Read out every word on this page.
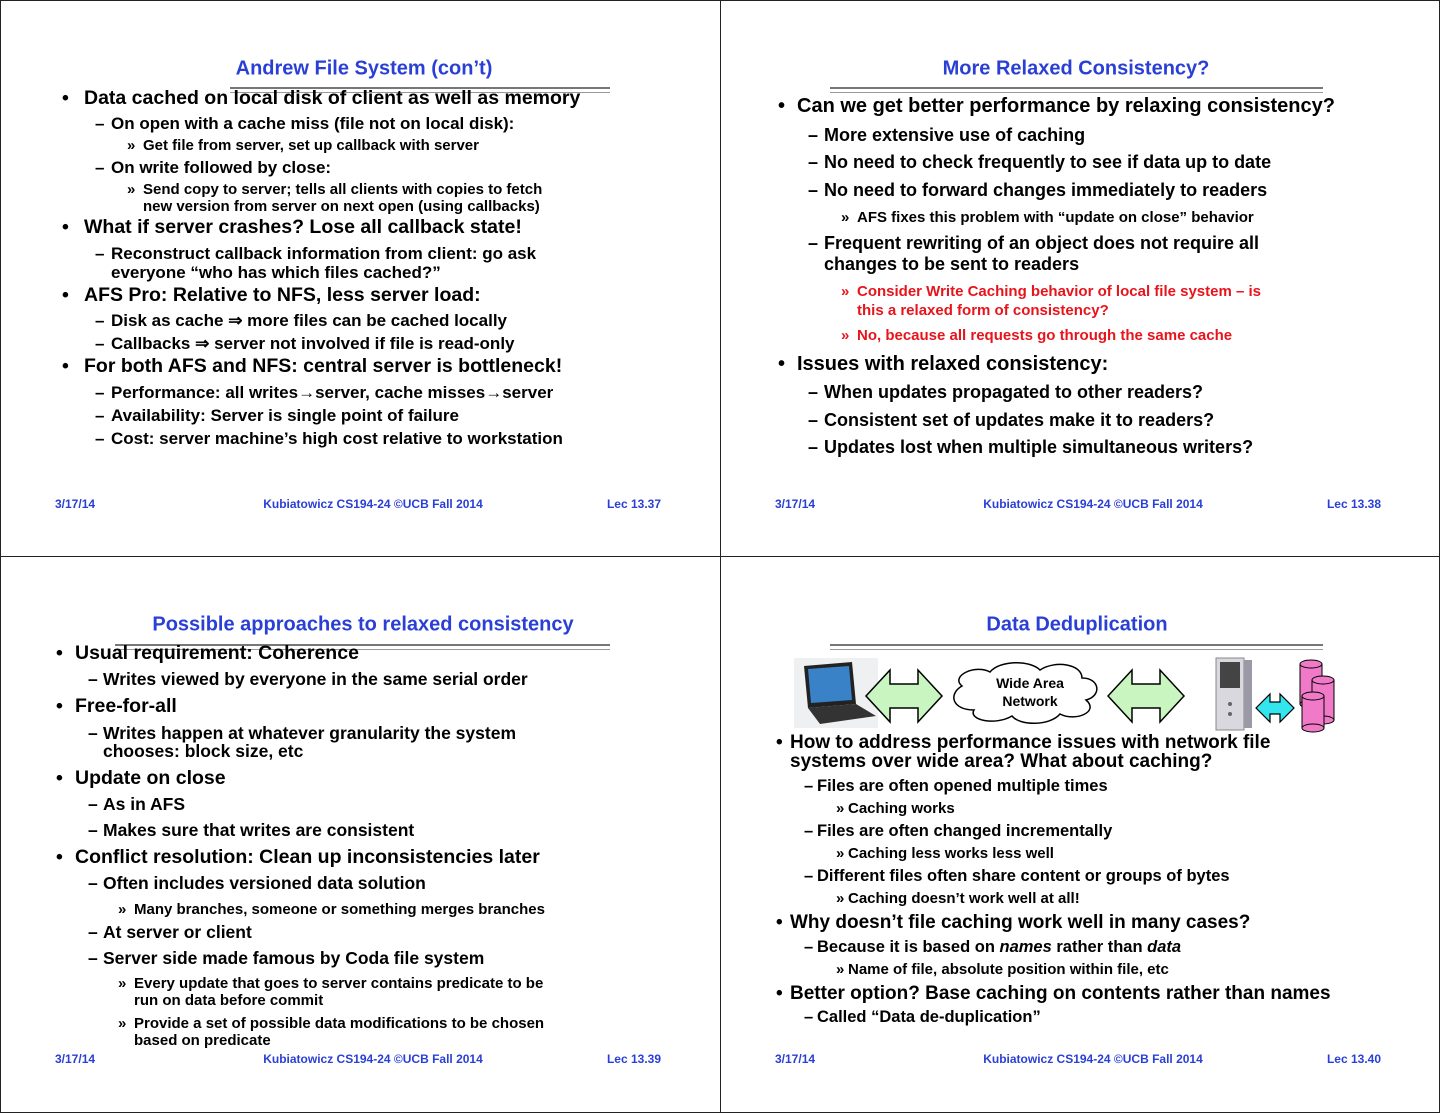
Andrew File System (con’t)
• Data cached on local disk of client as well as memory
– On open with a cache miss (file not on local disk):
» Get file from server, set up callback with server
– On write followed by close:
» Send copy to server; tells all clients with copies to fetch
new version from server on next open (using callbacks)
• What if server crashes? Lose all callback state!
– Reconstruct callback information from client: go ask
everyone “who has which files cached?”
• AFS Pro: Relative to NFS, less server load:
– Disk as cache ⇒ more files can be cached locally
– Callbacks ⇒ server not involved if file is read-only
• For both AFS and NFS: central server is bottleneck!
– Performance: all writes→server, cache misses→server
– Availability: Server is single point of failure
– Cost: server machine’s high cost relative to workstation
3/17/14	Kubiatowicz CS194-24 ©UCB Fall 2014	Lec 13.37
More Relaxed Consistency?
• Can we get better performance by relaxing consistency?
– More extensive use of caching
– No need to check frequently to see if data up to date
– No need to forward changes immediately to readers
» AFS fixes this problem with “update on close” behavior
– Frequent rewriting of an object does not require all
changes to be sent to readers
» Consider Write Caching behavior of local file system – is
this a relaxed form of consistency?
» No, because all requests go through the same cache
• Issues with relaxed consistency:
– When updates propagated to other readers?
– Consistent set of updates make it to readers?
– Updates lost when multiple simultaneous writers?
3/17/14	Kubiatowicz CS194-24 ©UCB Fall 2014	Lec 13.38
Possible approaches to relaxed consistency
• Usual requirement: Coherence
– Writes viewed by everyone in the same serial order
• Free-for-all
– Writes happen at whatever granularity the system
chooses: block size, etc
• Update on close
– As in AFS
– Makes sure that writes are consistent
• Conflict resolution: Clean up inconsistencies later
– Often includes versioned data solution
» Many branches, someone or something merges branches
– At server or client
– Server side made famous by Coda file system
» Every update that goes to server contains predicate to be
run on data before commit
» Provide a set of possible data modifications to be chosen
based on predicate
3/17/14	Kubiatowicz CS194-24 ©UCB Fall 2014	Lec 13.39
Data Deduplication
• How to address performance issues with network file
systems over wide area? What about caching?
– Files are often opened multiple times
» Caching works
– Files are often changed incrementally
» Caching less works less well
– Different files often share content or groups of bytes
» Caching doesn’t work well at all!
• Why doesn’t file caching work well in many cases?
– Because it is based on names rather than data
» Name of file, absolute position within file, etc
• Better option? Base caching on contents rather than names
– Called “Data de-duplication”
3/17/14	Kubiatowicz CS194-24 ©UCB Fall 2014	Lec 13.40
Wide Area
Network
